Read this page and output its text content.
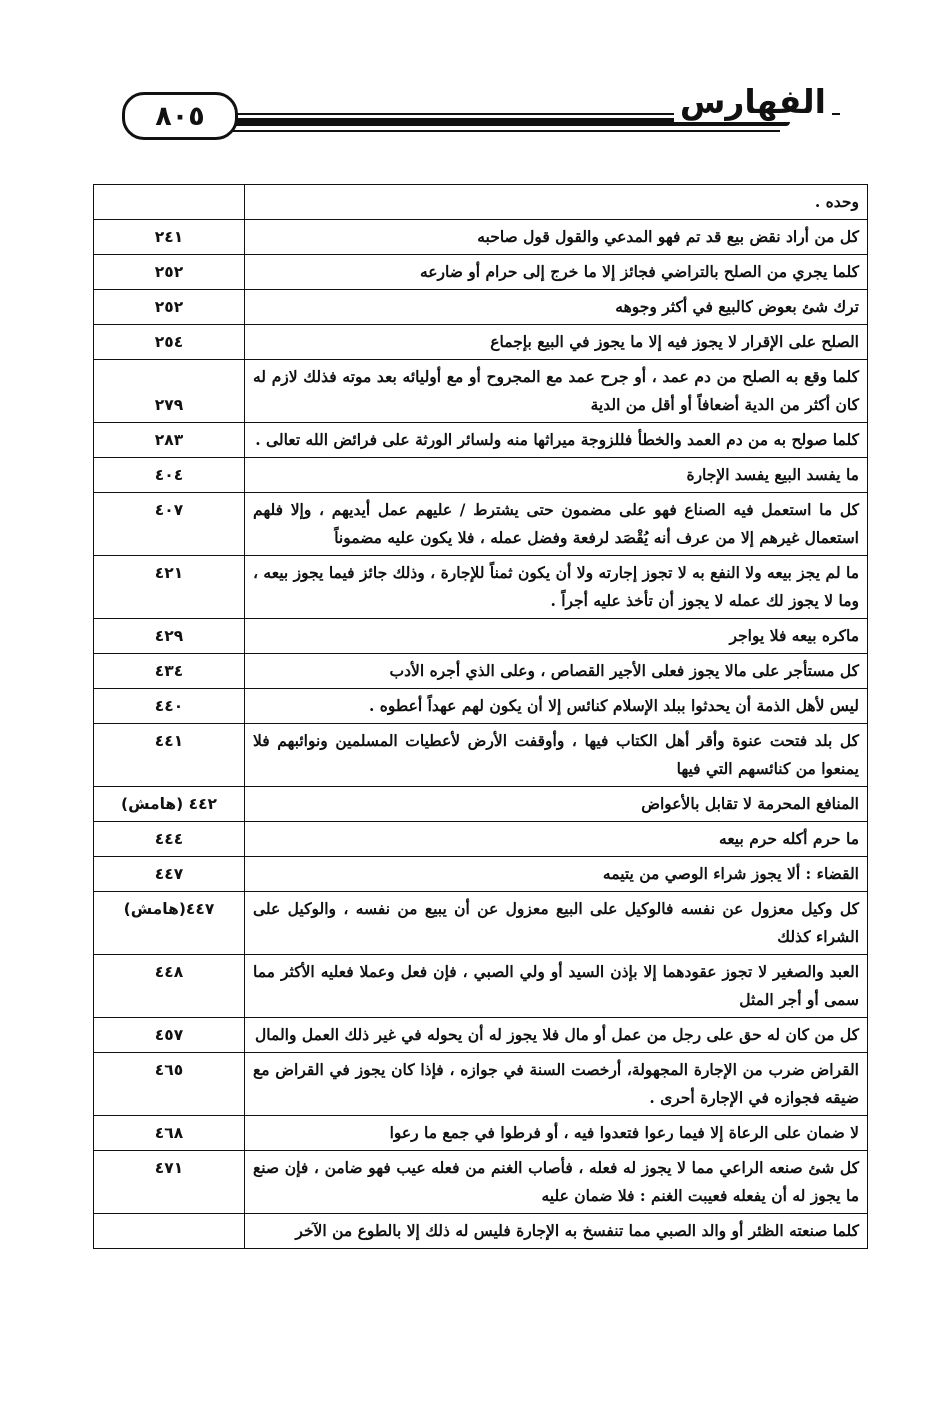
٨٠٥	الفهارس
وحده .	
كل من أراد نقض بيع قد تم فهو المدعي والقول قول صاحبه	٢٤١
كلما يجري من الصلح بالتراضي فجائز إلا ما خرج إلى حرام أو ضارعه	٢٥٢
ترك شئ بعوض كالبيع في أكثر وجوهه	٢٥٢
الصلح على الإقرار لا يجوز فيه إلا ما يجوز في البيع بإجماع	٢٥٤
كلما وقع به الصلح من دم عمد ، أو جرح عمد مع المجروح أو مع أوليائه بعد موته فذلك لازم له كان أكثر من الدية أضعافاً أو أقل من الدية	٢٧٩
كلما صولح به من دم العمد والخطأ فللزوجة ميراثها منه ولسائر الورثة على فرائض الله تعالى .	٢٨٣
ما يفسد البيع يفسد الإجارة	٤٠٤
كل ما استعمل فيه الصناع فهو على مضمون حتى يشترط / عليهم عمل أيديهم ، وإلا فلهم استعمال غيرهم إلا من عرف أنه يُقْصَد لرفعة وفضل عمله ، فلا يكون عليه مضموناً	٤٠٧
ما لم يجز بيعه ولا النفع به لا تجوز إجارته ولا أن يكون ثمناً للإجارة ، وذلك جائز فيما يجوز بيعه ، وما لا يجوز لك عمله لا يجوز أن تأخذ عليه أجراً .	٤٢١
ماكره بيعه فلا يواجر	٤٢٩
كل مستأجر على مالا يجوز فعلى الأجير القصاص ، وعلى الذي أجره الأدب	٤٣٤
ليس لأهل الذمة أن يحدثوا ببلد الإسلام كنائس إلا أن يكون لهم عهداً أعطوه .	٤٤٠
كل بلد فتحت عنوة وأقر أهل الكتاب فيها ، وأوقفت الأرض لأعطيات المسلمين ونوائبهم فلا يمنعوا من كنائسهم التي فيها	٤٤١
المنافع المحرمة لا تقابل بالأعواض	٤٤٢ (هامش)
ما حرم أكله حرم بيعه	٤٤٤
القضاء : ألا يجوز شراء الوصي من يتيمه	٤٤٧
كل وكيل معزول عن نفسه فالوكيل على البيع معزول عن أن يبيع من نفسه ، والوكيل على الشراء كذلك	٤٤٧(هامش)
العبد والصغير لا تجوز عقودهما إلا بإذن السيد أو ولي الصبي ، فإن فعل وعملا فعليه الأكثر مما سمى أو أجر المثل	٤٤٨
كل من كان له حق على رجل من عمل أو مال فلا يجوز له أن يحوله في غير ذلك العمل والمال	٤٥٧
القراض ضرب من الإجارة المجهولة، أرخصت السنة في جوازه ، فإذا كان يجوز في القراض مع ضيقه فجوازه في الإجارة أحرى .	٤٦٥
لا ضمان على الرعاة إلا فيما رعوا فتعدوا فيه ، أو فرطوا في جمع ما رعوا	٤٦٨
كل شئ صنعه الراعي مما لا يجوز له فعله ، فأصاب الغنم من فعله عيب فهو ضامن ، فإن صنع ما يجوز له أن يفعله فعيبت الغنم : فلا ضمان عليه	٤٧١
كلما صنعته الظئر أو والد الصبي مما تنفسخ به الإجارة فليس له ذلك إلا بالطوع من الآخر	
